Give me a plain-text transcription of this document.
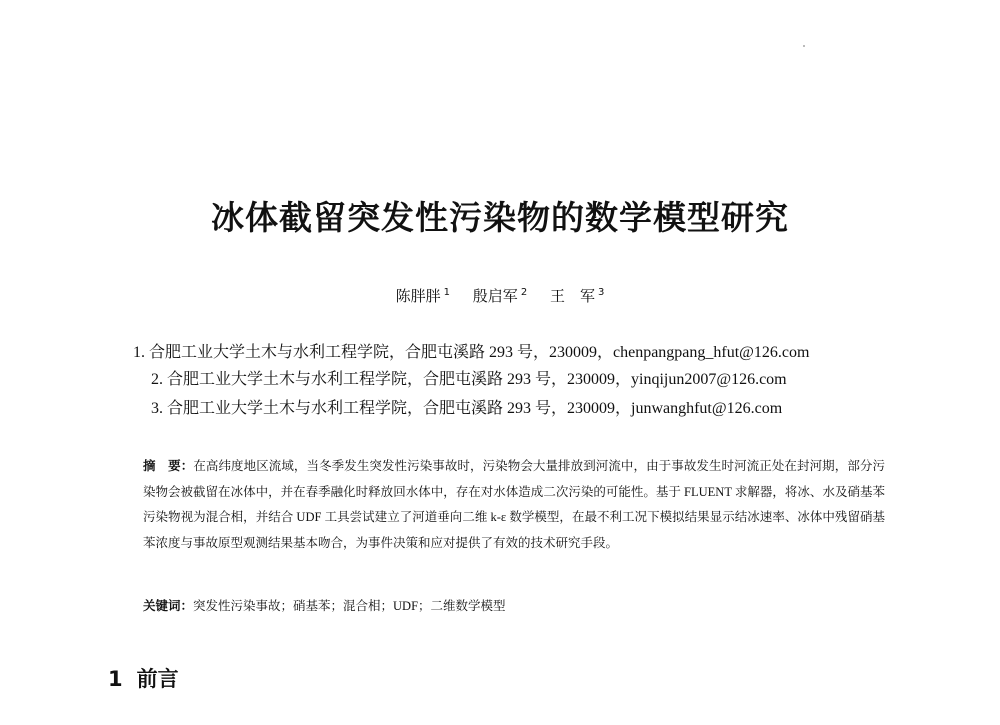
冰体截留突发性污染物的数学模型研究
陈胖胖 $^1$ 殷启军 $^2$ 王　军 $^3$
1. 合肥工业大学土木与水利工程学院，合肥屯溪路 293 号，230009，chenpangpang_hfut@126.com
2. 合肥工业大学土木与水利工程学院，合肥屯溪路 293 号，230009，yinqijun2007@126.com
3. 合肥工业大学土木与水利工程学院，合肥屯溪路 293 号，230009，junwanghfut@126.com
摘　要：在高纬度地区流域，当冬季发生突发性污染事故时，污染物会大量排放到河流中，由于事故发生时河流正处在封河期，部分污染物会被截留在冰体中，并在春季融化时释放回水体中，存在对水体造成二次污染的可能性。基于 FLUENT 求解器，将冰、水及硝基苯污染物视为混合相，并结合 UDF 工具尝试建立了河道垂向二维 k-ε 数学模型，在最不利工况下模拟结果显示结冰速率、冰体中残留硝基苯浓度与事故原型观测结果基本吻合，为事件决策和应对提供了有效的技术研究手段。
关键词：突发性污染事故；硝基苯；混合相；UDF；二维数学模型
1 前言
